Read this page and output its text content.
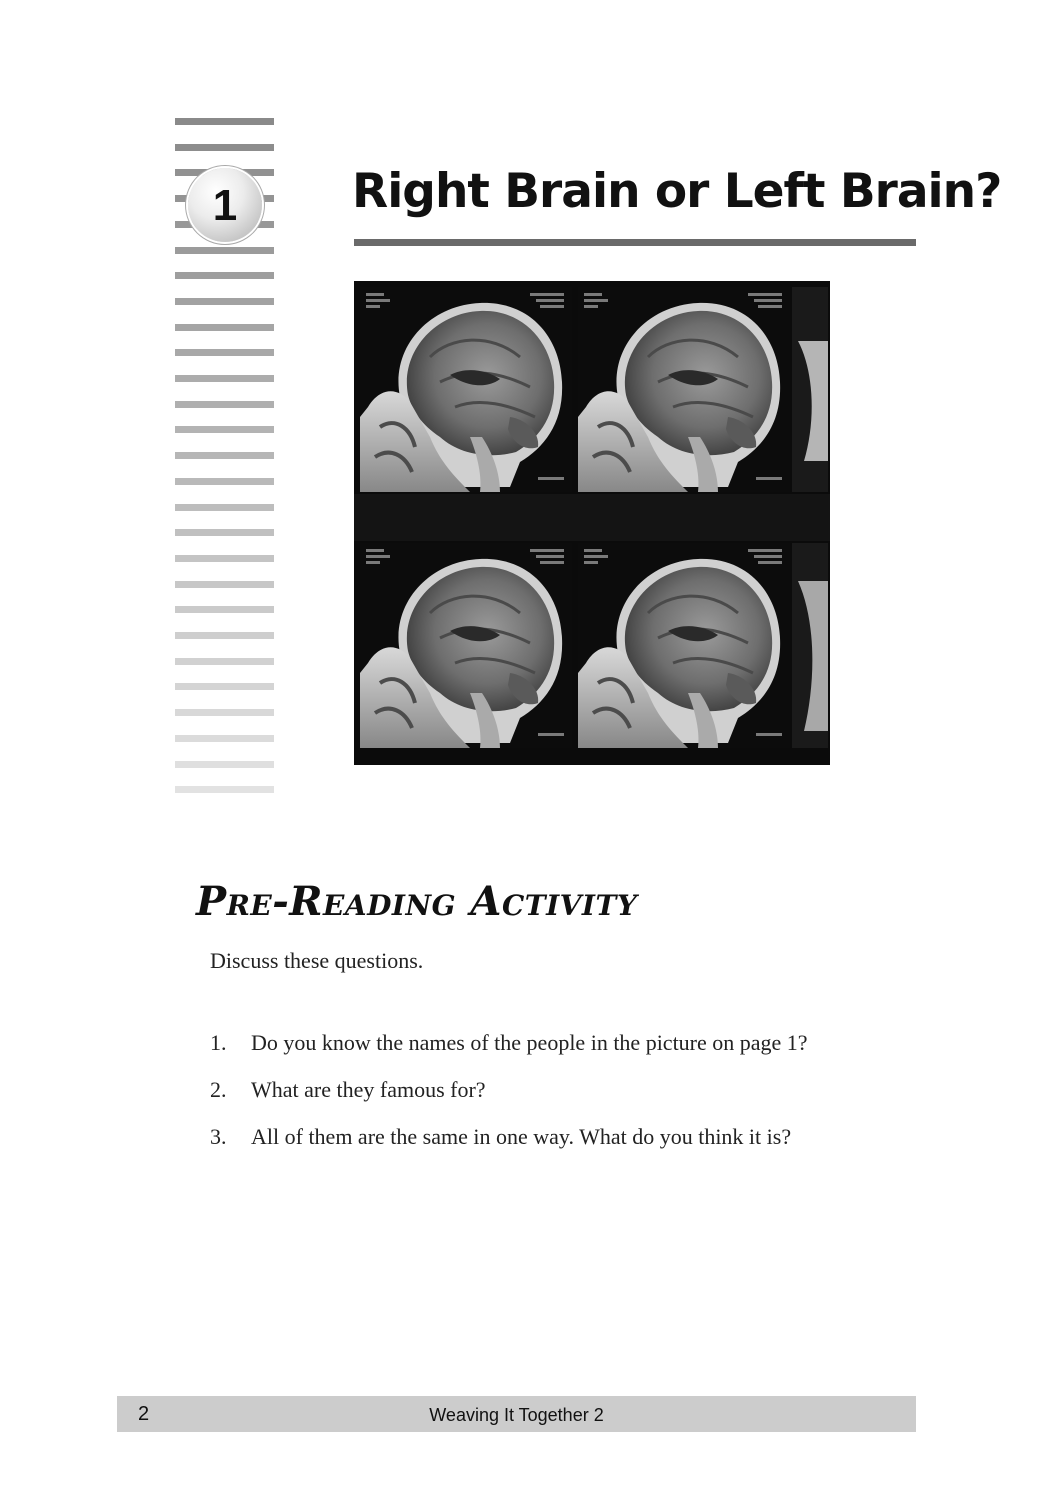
1 Right Brain or Left Brain?
Pre-Reading Activity
Discuss these questions.
1.	Do you know the names of the people in the picture on page 1?
2.	What are they famous for?
3.	All of them are the same in one way. What do you think it is?
2	Weaving It Together 2
